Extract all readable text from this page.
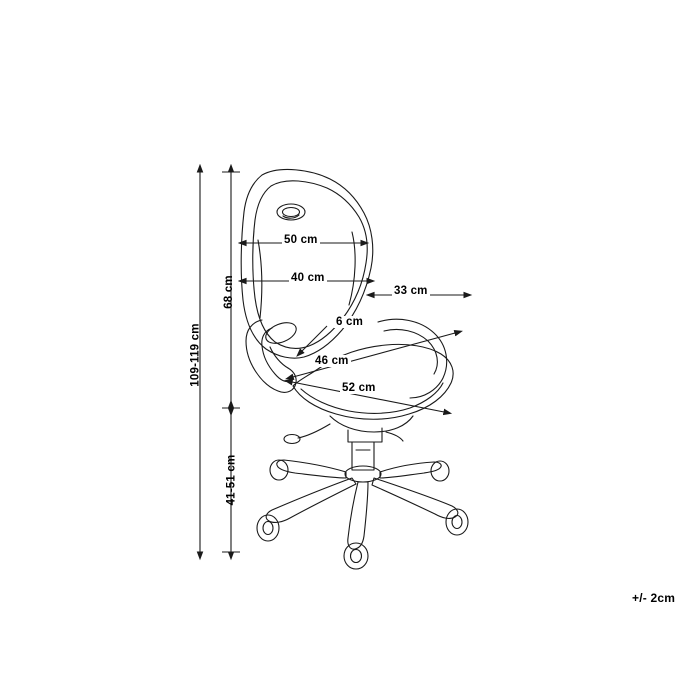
109-119 cm
68 cm
41-51 cm
50 cm
40 cm
33 cm
6 cm
46 cm
52 cm
+/- 2cm
